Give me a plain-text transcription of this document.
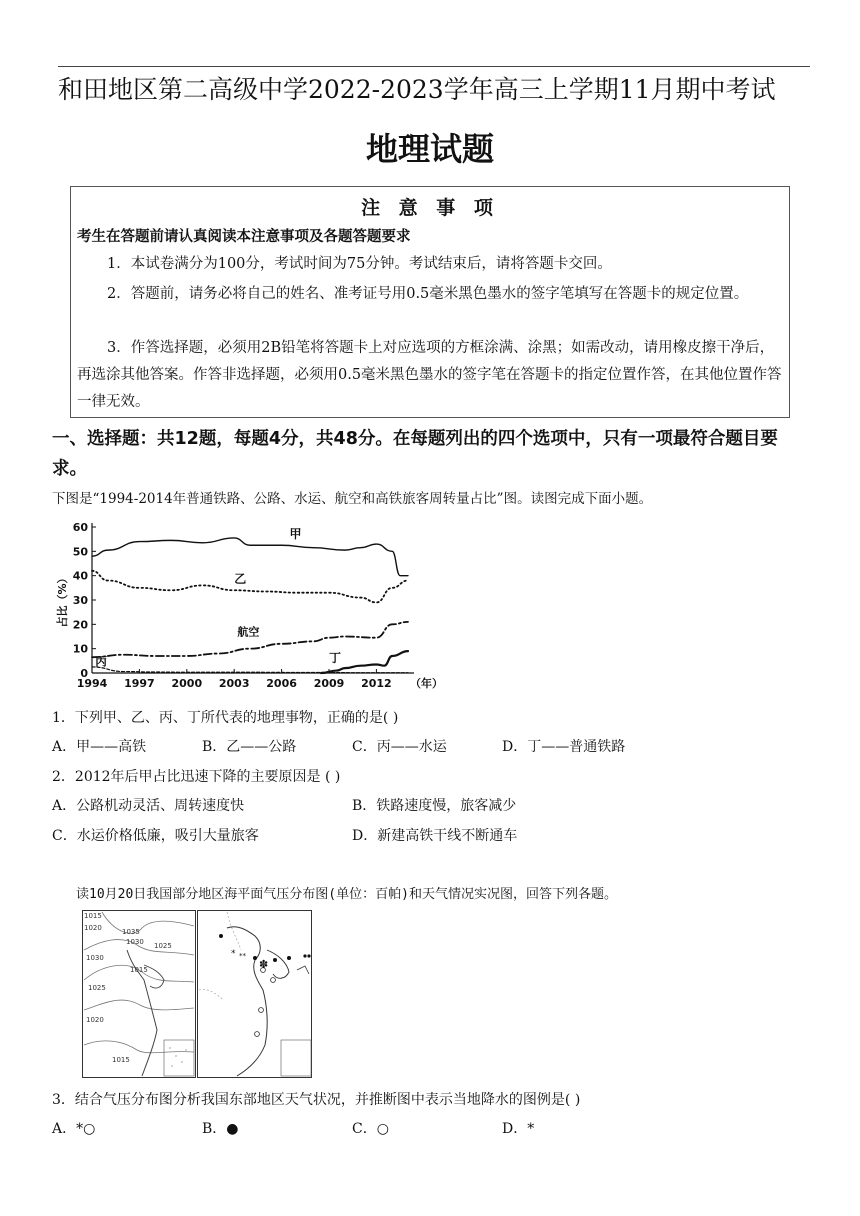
和田地区第二高级中学2022-2023学年高三上学期11月期中考试
地理试题
注 意 事 项
考生在答题前请认真阅读本注意事项及各题答题要求
1．本试卷满分为100分，考试时间为75分钟。考试结束后，请将答题卡交回。
2．答题前，请务必将自己的姓名、准考证号用0.5毫米黑色墨水的签字笔填写在答题卡的规定位置。
3．作答选择题，必须用2B铅笔将答题卡上对应选项的方框涂满、涂黑；如需改动，请用橡皮擦干净后，再选涂其他答案。作答非选择题，必须用0.5毫米黑色墨水的签字笔在答题卡的指定位置作答，在其他位置作答一律无效。
一、选择题：共12题，每题4分，共48分。在每题列出的四个选项中，只有一项最符合题目要求。
下图是“1994-2014年普通铁路、公路、水运、航空和高铁旅客周转量占比”图。读图完成下面小题。
0
10
20
30
40
50
60
1994 1997 2000 2003 2006 2009 2012 （年）
占比（%）
甲
乙
航空
丙	丁
1．下列甲、乙、丙、丁所代表的地理事物，正确的是( )
A．甲——高铁	B．乙——公路	C．丙——水运	D．丁——普通铁路
2．2012年后甲占比迅速下降的主要原因是 ( )
A．公路机动灵活、周转速度快	B．铁路速度慢，旅客减少
C．水运价格低廉，吸引大量旅客	D．新建高铁干线不断通车
读10月20日我国部分地区海平面气压分布图(单位：百帕)和天气情况实况图，回答下列各题。
1015
1020	1035
1030 1025
1030
1015
1025
1020
1015
* **
✽
3．结合气压分布图分析我国东部地区天气状况，并推断图中表示当地降水的图例是( )
A．*○	B．●	C．○	D．*
